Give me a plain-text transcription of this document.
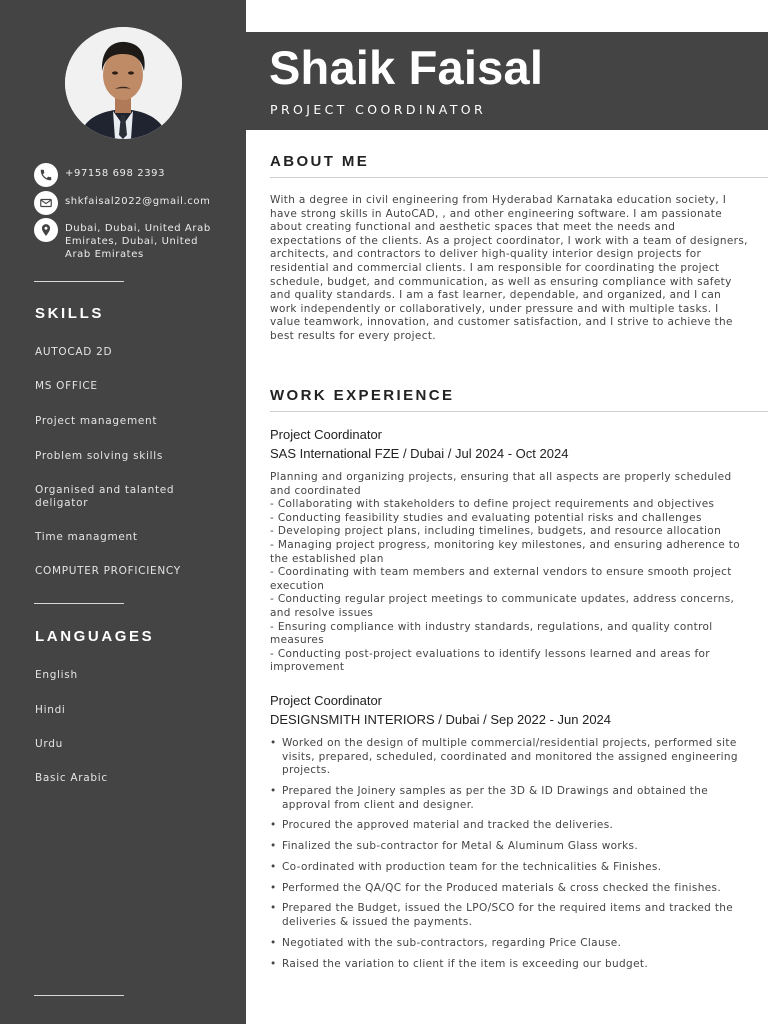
+97158 698 2393
shkfaisal2022@gmail.com
Dubai, Dubai, United Arab Emirates, Dubai, United Arab Emirates
SKILLS
AUTOCAD 2D
MS OFFICE
Project management
Problem solving skills
Organised and talanted deligator
Time managment
COMPUTER PROFICIENCY
LANGUAGES
English
Hindi
Urdu
Basic Arabic
Shaik Faisal
PROJECT COORDINATOR
ABOUT ME
With a degree in civil engineering from Hyderabad Karnataka education society, I have strong skills in AutoCAD, , and other engineering software. I am passionate about creating functional and aesthetic spaces that meet the needs and expectations of the clients. As a project coordinator, I work with a team of designers, architects, and contractors to deliver high-quality interior design projects for residential and commercial clients. I am responsible for coordinating the project schedule, budget, and communication, as well as ensuring compliance with safety and quality standards. I am a fast learner, dependable, and organized, and I can work independently or collaboratively, under pressure and with multiple tasks. I value teamwork, innovation, and customer satisfaction, and I strive to achieve the best results for every project.
WORK EXPERIENCE
Project Coordinator
SAS International FZE / Dubai / Jul 2024 - Oct 2024
Planning and organizing projects, ensuring that all aspects are properly scheduled and coordinated
- Collaborating with stakeholders to define project requirements and objectives
- Conducting feasibility studies and evaluating potential risks and challenges
- Developing project plans, including timelines, budgets, and resource allocation
- Managing project progress, monitoring key milestones, and ensuring adherence to the established plan
- Coordinating with team members and external vendors to ensure smooth project execution
- Conducting regular project meetings to communicate updates, address concerns, and resolve issues
- Ensuring compliance with industry standards, regulations, and quality control measures
- Conducting post-project evaluations to identify lessons learned and areas for improvement
Project Coordinator
DESIGNSMITH INTERIORS / Dubai / Sep 2022 - Jun 2024
• Worked on the design of multiple commercial/residential projects, performed site visits, prepared, scheduled, coordinated and monitored the assigned engineering projects.
• Prepared the Joinery samples as per the 3D & ID Drawings and obtained the approval from client and designer.
• Procured the approved material and tracked the deliveries.
• Finalized the sub-contractor for Metal & Aluminum Glass works.
• Co-ordinated with production team for the technicalities & Finishes.
• Performed the QA/QC for the Produced materials & cross checked the finishes.
• Prepared the Budget, issued the LPO/SCO for the required items and tracked the deliveries & issued the payments.
• Negotiated with the sub-contractors, regarding Price Clause.
• Raised the variation to client if the item is exceeding our budget.
